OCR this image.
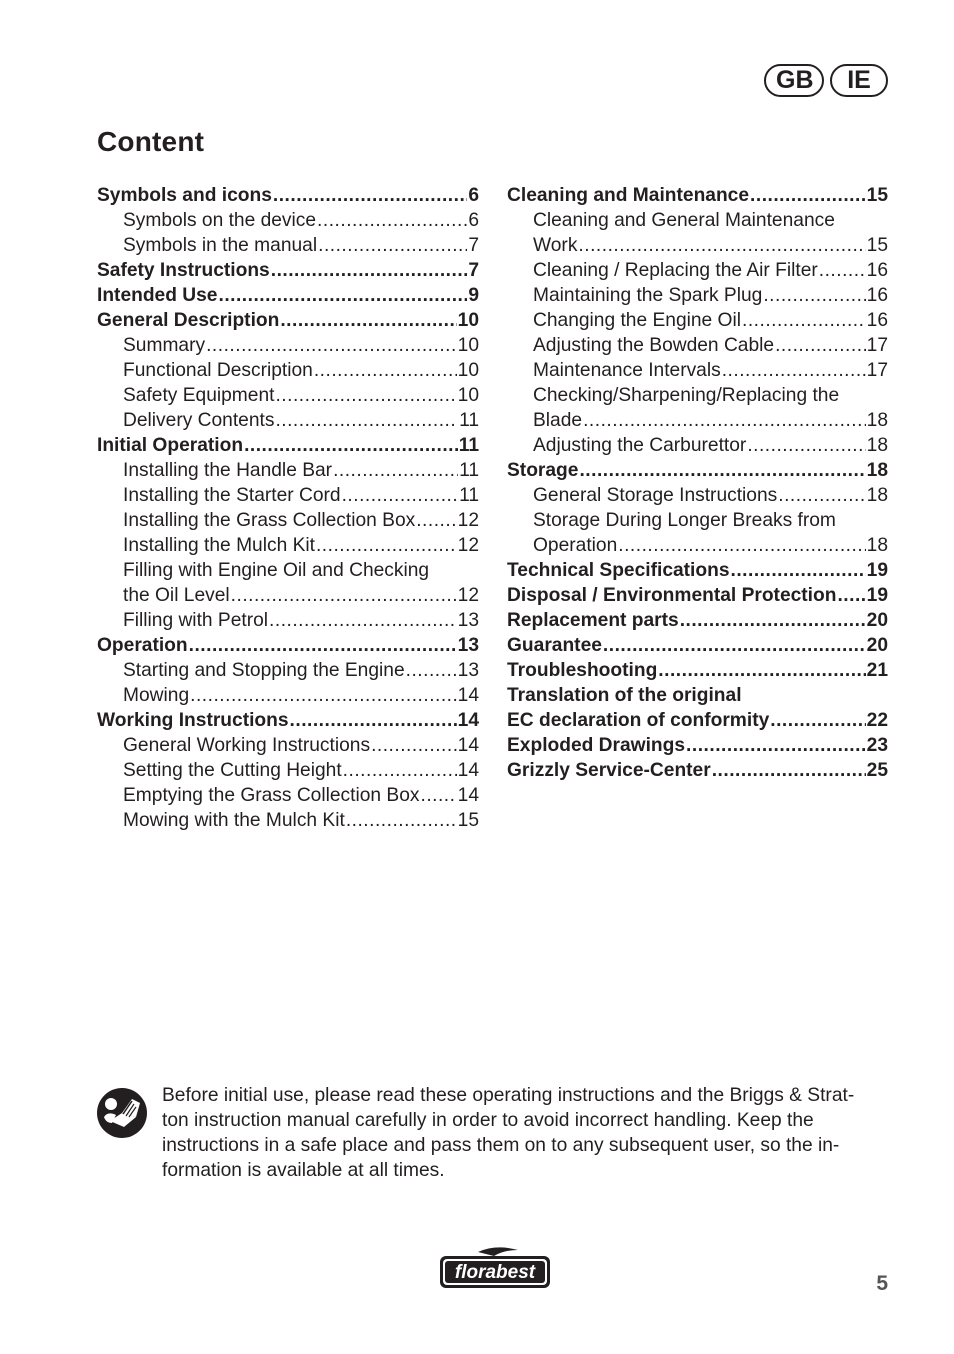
GB	IE
Content
Symbols and icons .....	6
Symbols on the device .....	6
Symbols in the manual .....	7
Safety Instructions .....	7
Intended Use .....	9
General Description .....	10
Summary .....	10
Functional Description .....	10
Safety Equipment .....	10
Delivery Contents .....	11
Initial Operation .....	11
Installing the Handle Bar .....	11
Installing the Starter Cord .....	11
Installing the Grass Collection Box ..... 12
Installing the Mulch Kit .....	12
Filling with Engine Oil and Checking
the Oil Level .....	12
Filling with Petrol .....	13
Operation .....	13
Starting and Stopping the Engine .....	13
Mowing .....	14
Working Instructions .....	14
General Working Instructions .....	14
Setting the Cutting Height .....	14
Emptying the Grass Collection Box ..... 14
Mowing with the Mulch Kit .....	15
Cleaning and Maintenance .....	15
Cleaning and General Maintenance
Work .....	15
Cleaning / Replacing the Air Filter .....	16
Maintaining the Spark Plug .....	16
Changing the Engine Oil .....	16
Adjusting the Bowden Cable .....	17
Maintenance Intervals .....	17
Checking/Sharpening/Replacing the
Blade .....	18
Adjusting the Carburettor .....	18
Storage .....	18
General Storage Instructions .....	18
Storage During Longer Breaks from
Operation .....	18
Technical Specifications .....	19
Disposal / Environmental Protection ..... 19
Replacement parts .....	20
Guarantee .....	20
Troubleshooting .....	21
Translation of the original
EC declaration of conformity .....	22
Exploded Drawings .....	23
Grizzly Service-Center .....	25

Before initial use, please read these operating instructions and the Briggs & Strat-

ton instruction manual carefully in order to avoid incorrect handling. Keep the

instructions in a safe place and pass them on to any subsequent user, so the in-

formation is available at all times.

florabest	5
